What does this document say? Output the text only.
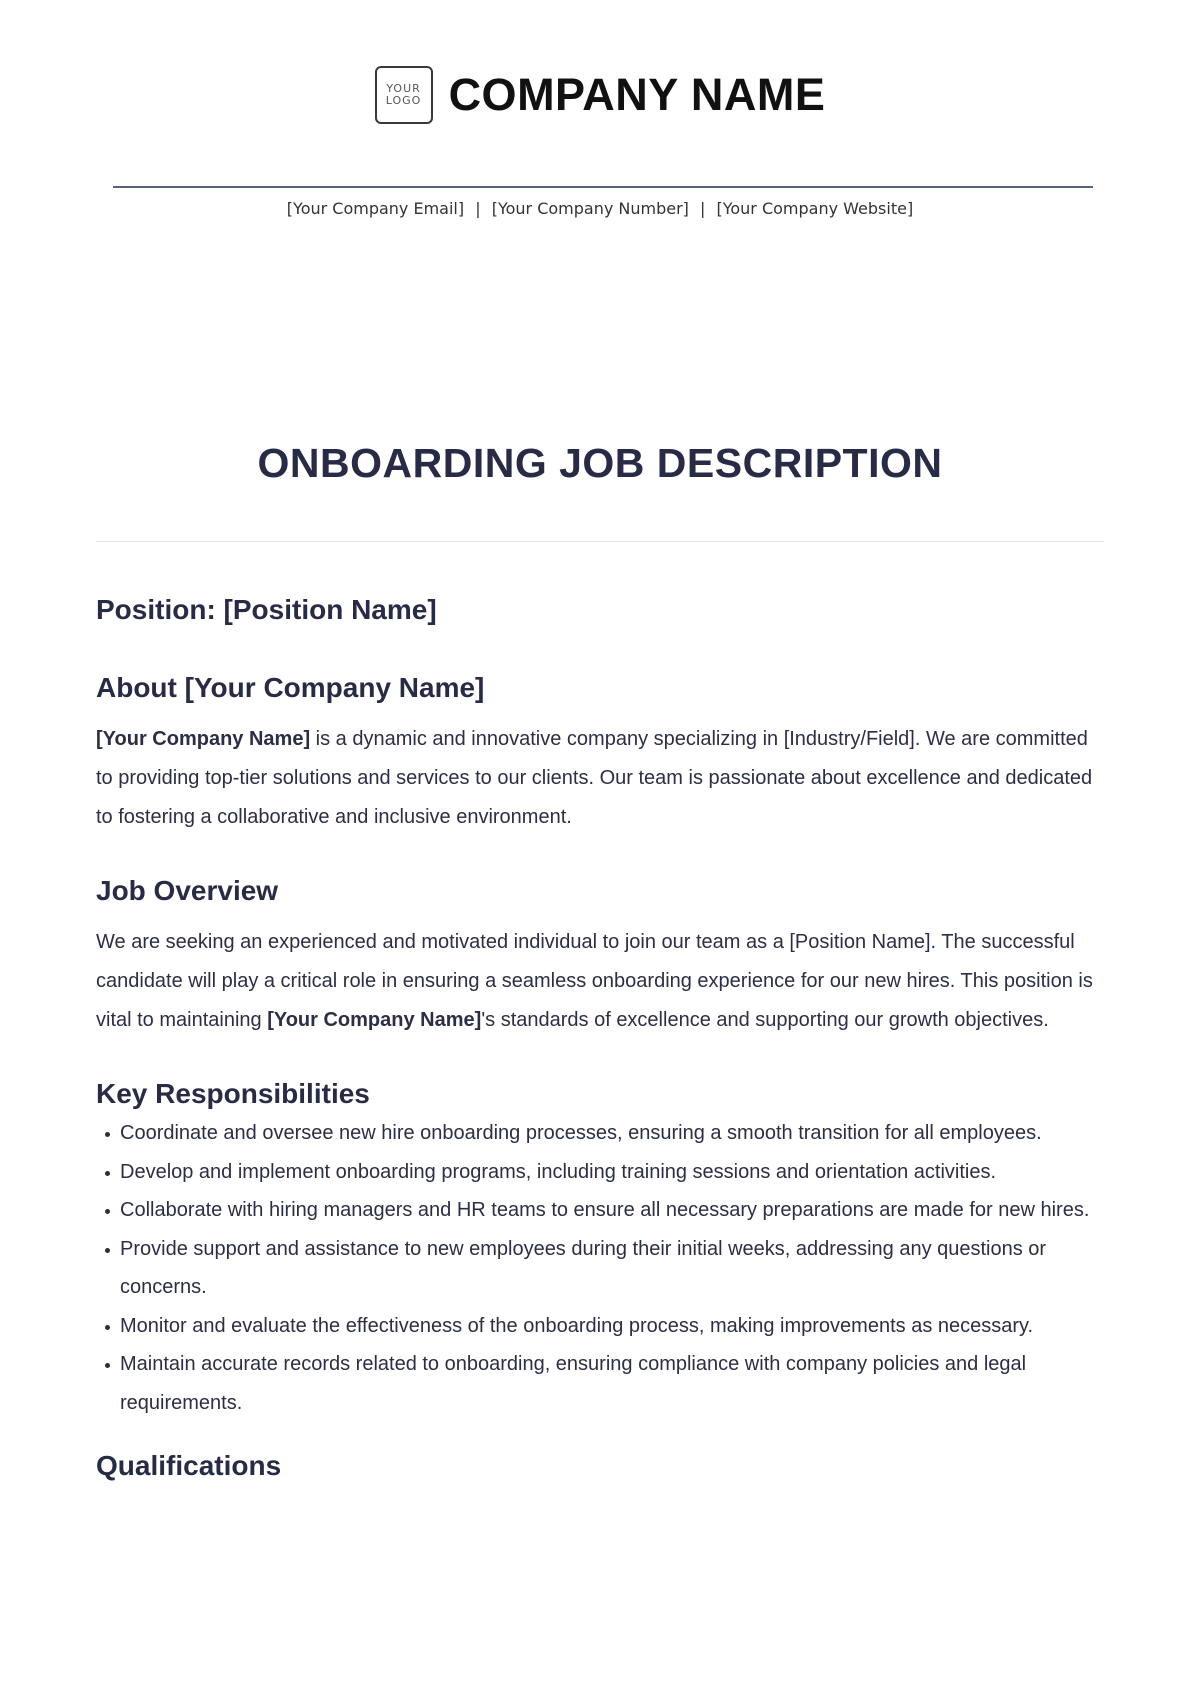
YOUR
LOGO COMPANY NAME
[Your Company Email] | [Your Company Number] | [Your Company Website]
ONBOARDING JOB DESCRIPTION
Position: [Position Name]
About [Your Company Name]

[Your Company Name] is a dynamic and innovative company specializing in [Industry/Field]. We are committed to providing top-tier solutions and services to our clients. Our team is passionate about excellence and dedicated to fostering a collaborative and inclusive environment.

Job Overview

We are seeking an experienced and motivated individual to join our team as a [Position Name]. The successful candidate will play a critical role in ensuring a seamless onboarding experience for our new hires. This position is vital to maintaining [Your Company Name]'s standards of excellence and supporting our growth objectives.

Key Responsibilities
Coordinate and oversee new hire onboarding processes, ensuring a smooth transition for all employees.
Develop and implement onboarding programs, including training sessions and orientation activities.
Collaborate with hiring managers and HR teams to ensure all necessary preparations are made for new hires.
Provide support and assistance to new employees during their initial weeks, addressing any questions or concerns.
Monitor and evaluate the effectiveness of the onboarding process, making improvements as necessary.
Maintain accurate records related to onboarding, ensuring compliance with company policies and legal requirements.
Qualifications
